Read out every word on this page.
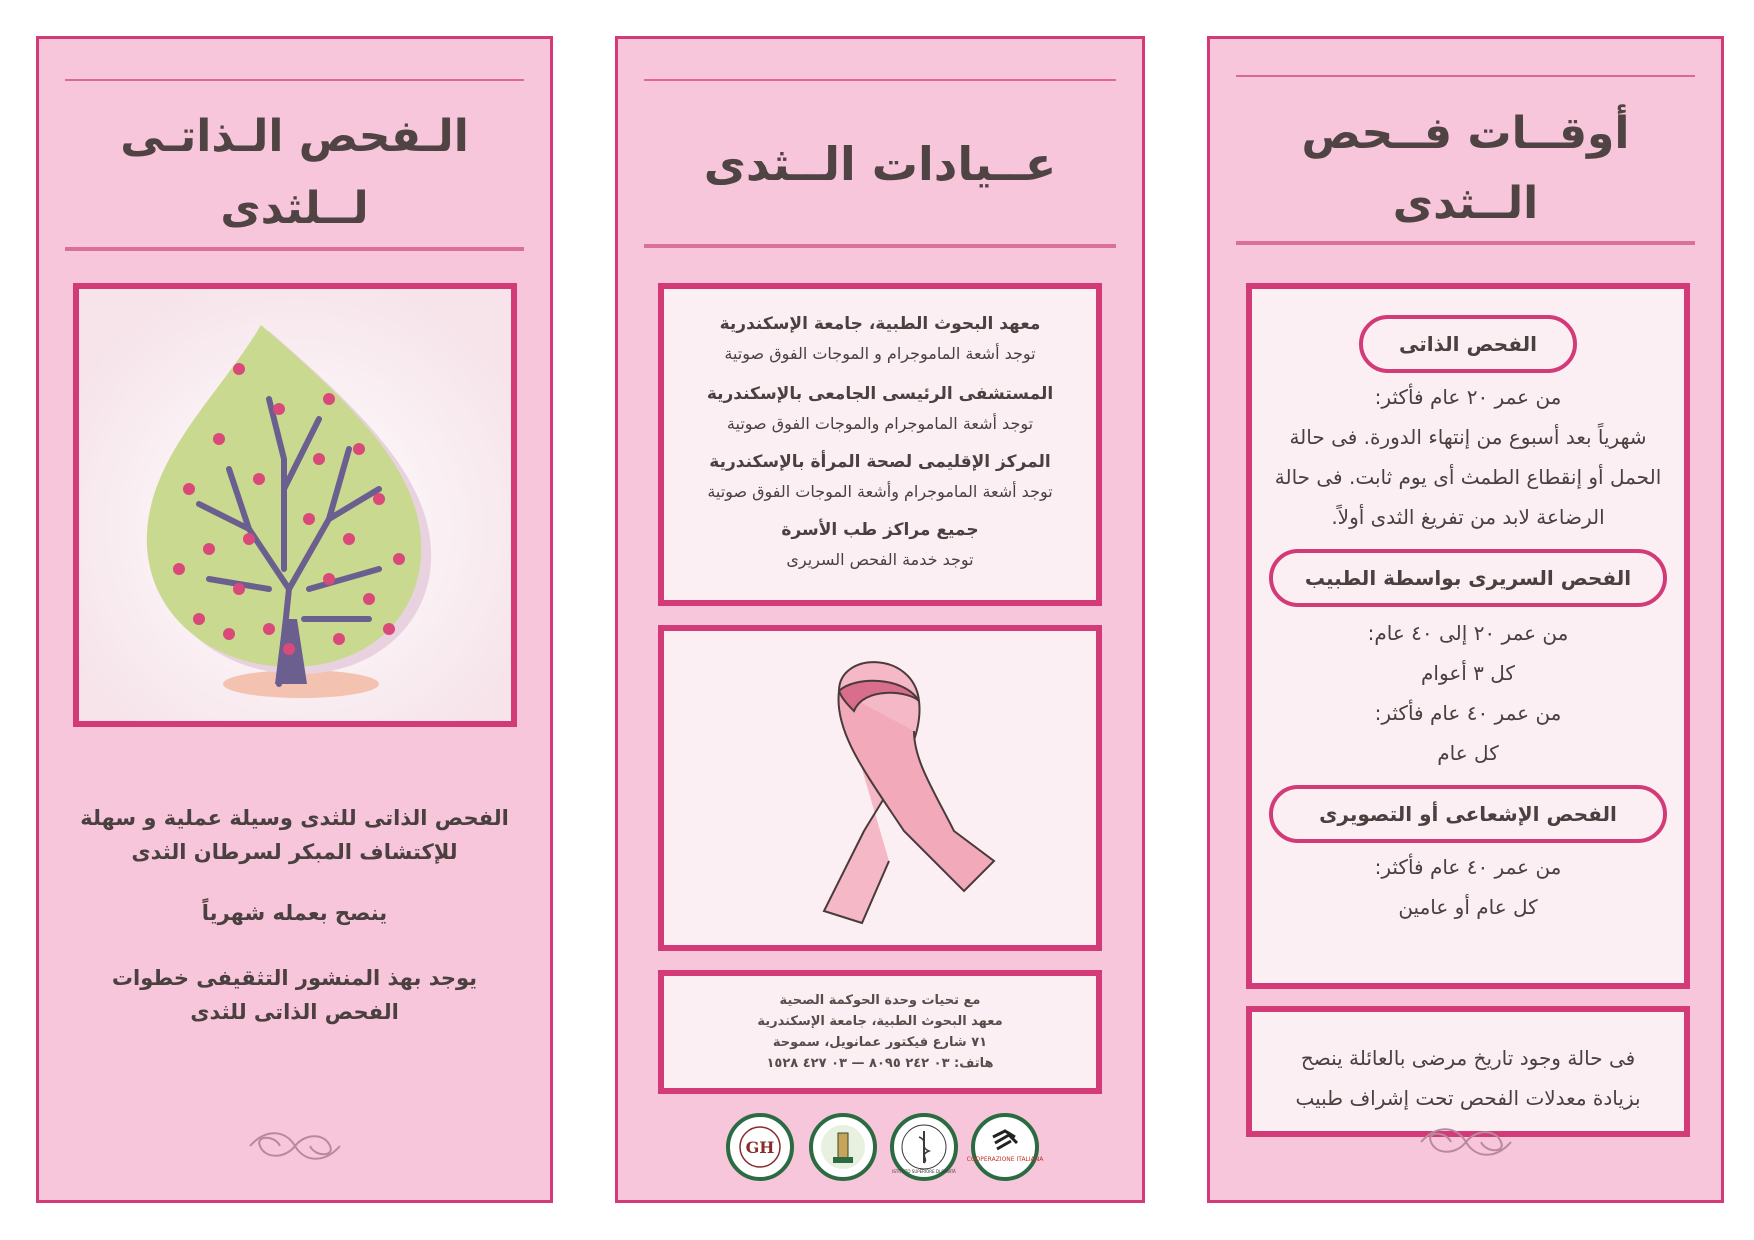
الـفحص الـذاتـى
لــلثدى
الفحص الذاتى للثدى وسيلة عملية و سهلة
للإكتشاف المبكر لسرطان الثدى
ينصح بعمله شهرياً
يوجد بهذ المنشور التثقيفى خطوات
الفحص الذاتى للثدى
عــيادات الــثدى
معهد البحوث الطبية، جامعة الإسكندرية
توجد أشعة الماموجرام و الموجات الفوق صوتية
المستشفى الرئيسى الجامعى بالإسكندرية
توجد أشعة الماموجرام والموجات الفوق صوتية
المركز الإقليمى لصحة المرأة بالإسكندرية
توجد أشعة الماموجرام وأشعة الموجات الفوق صوتية
جميع مراكز طب الأسرة
توجد خدمة الفحص السريرى
مع تحيات وحدة الحوكمة الصحية
معهد البحوث الطبية، جامعة الإسكندرية
٧١ شارع فيكتور عمانويل، سموحة
هاتف: ٠٣ ٢٤٢ ٨٠٩٥ — ٠٣ ٤٢٧ ١٥٢٨
COOPERAZIONE ITALIANA
ISTITUTO SUPERIORE DI SANITÀ
GH
أوقــات فــحص
الــثدى
الفحص الذاتى
من عمر ٢٠ عام فأكثر:
شهرياً بعد أسبوع من إنتهاء الدورة. فى حالة
الحمل أو إنقطاع الطمث أى يوم ثابت. فى حالة
الرضاعة لابد من تفريغ الثدى أولاً.
الفحص السريرى بواسطة الطبيب
من عمر ٢٠ إلى ٤٠ عام:
كل ٣ أعوام
من عمر ٤٠ عام فأكثر:
كل عام
الفحص الإشعاعى أو التصويرى
من عمر ٤٠ عام فأكثر:
كل عام أو عامين
فى حالة وجود تاريخ مرضى بالعائلة ينصح
بزيادة معدلات الفحص تحت إشراف طبيب
